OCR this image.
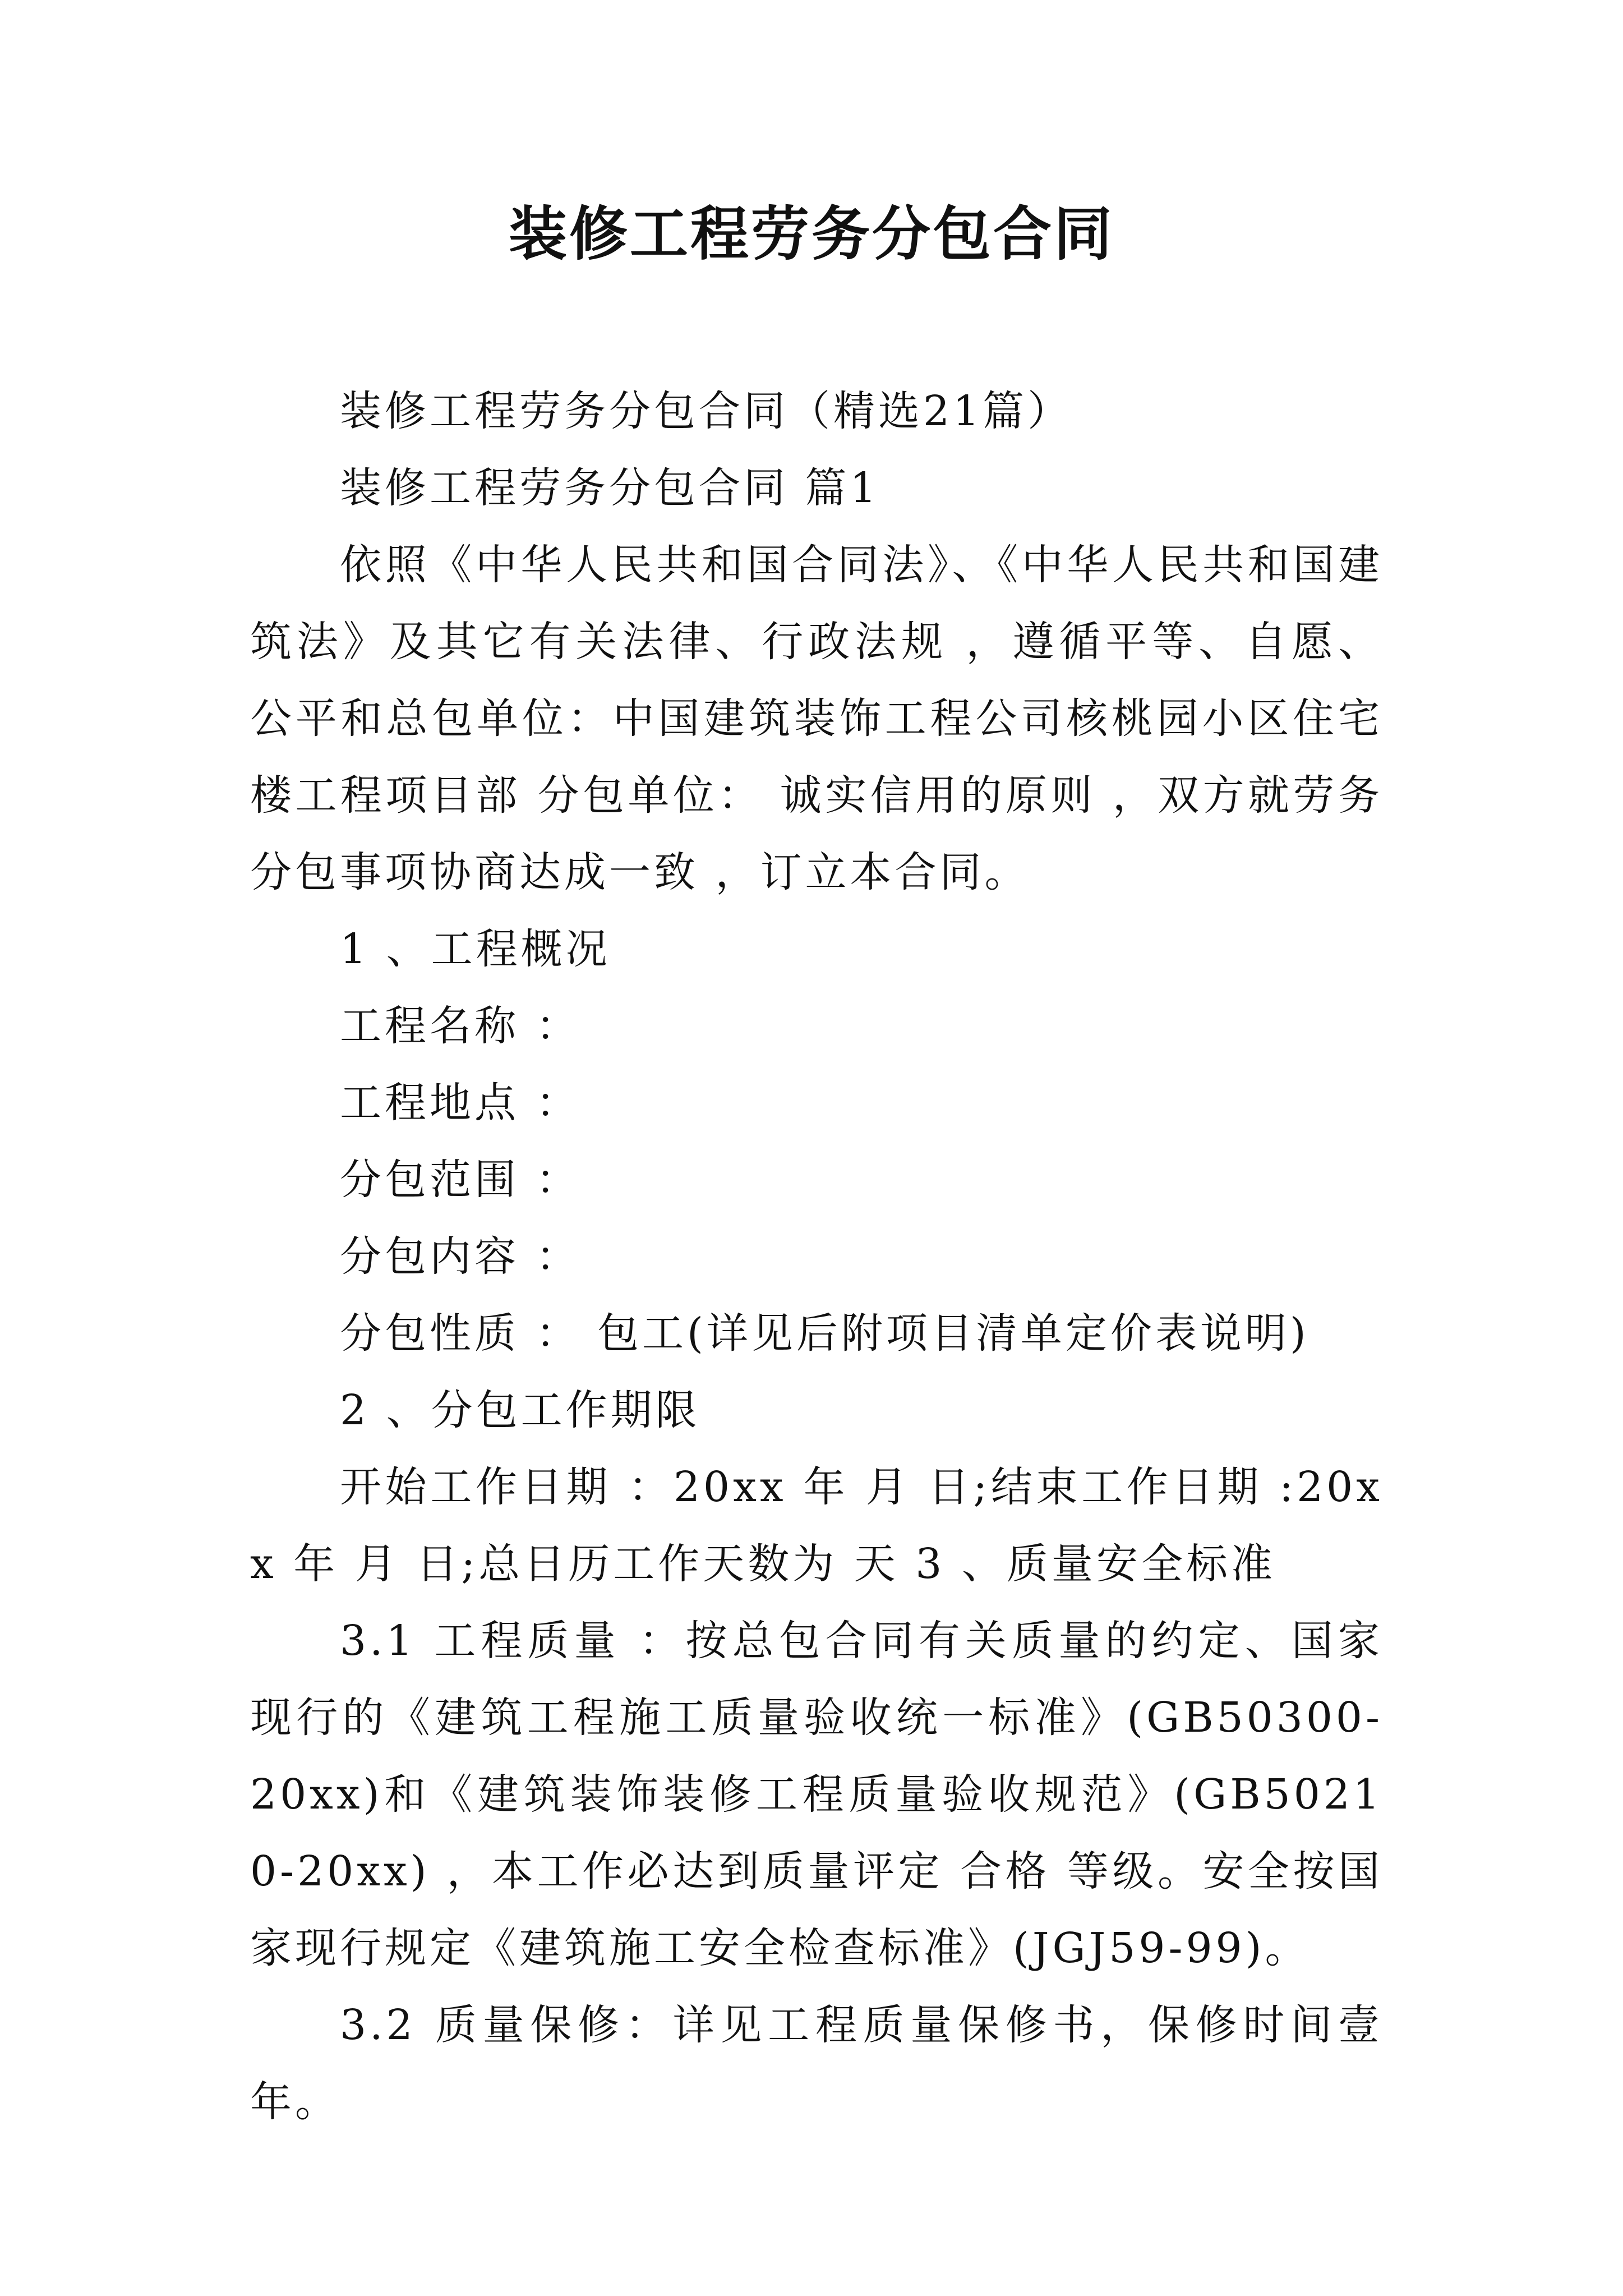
装修工程劳务分包合同

装修工程劳务分包合同（精选21篇）

装修工程劳务分包合同 篇1

依照《中华人民共和国合同法》、《中华人民共和国建筑法》及其它有关法律、行政法规 ，遵循平等、自愿、公平和总包单位：中国建筑装饰工程公司核桃园小区住宅楼工程项目部 分包单位： 诚实信用的原则 ，双方就劳务分包事项协商达成一致 ，订立本合同。

1 、工程概况

工程名称 ：

工程地点 ：

分包范围 ：

分包内容 ：

分包性质 ： 包工(详见后附项目清单定价表说明)

2 、分包工作期限

开始工作日期 ：20xx 年 月 日;结束工作日期 :20xx 年 月 日;总日历工作天数为 天 3 、质量安全标准

3.1 工程质量 ：按总包合同有关质量的约定、国家现行的《建筑工程施工质量验收统一标准》(GB50300-20xx)和《建筑装饰装修工程质量验收规范》(GB50210-20xx) ，本工作必达到质量评定 合格 等级。安全按国家现行规定《建筑施工安全检查标准》(JGJ59-99)。

3.2 质量保修：详见工程质量保修书，保修时间壹年。
